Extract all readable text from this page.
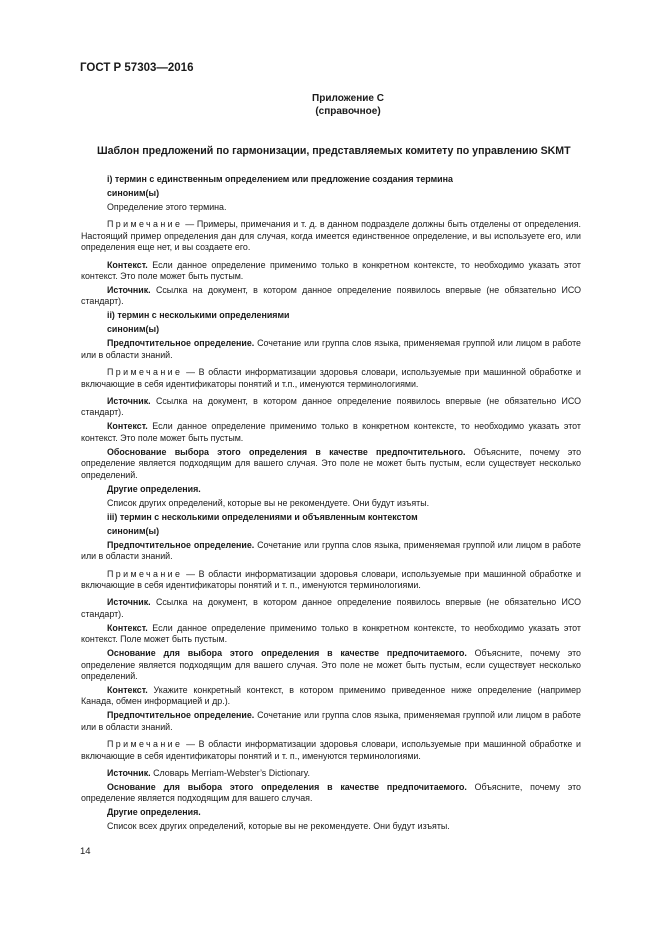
ГОСТ Р 57303—2016
Приложение С
(справочное)
Шаблон предложений по гармонизации, представляемых комитету по управлению SKMT
i) термин с единственным определением или предложение создания термина
синоним(ы)
Определение этого термина.
Примечание — Примеры, примечания и т. д. в данном подразделе должны быть отделены от определения. Настоящий пример определения дан для случая, когда имеется единственное определение, и вы используете его, или определения еще нет, и вы создаете его.
Контекст. Если данное определение применимо только в конкретном контексте, то необходимо указать этот контекст. Это поле может быть пустым.
Источник. Ссылка на документ, в котором данное определение появилось впервые (не обязательно ИСО стандарт).
ii) термин с несколькими определениями
синоним(ы)
Предпочтительное определение. Сочетание или группа слов языка, применяемая группой или лицом в работе или в области знаний.
Примечание — В области информатизации здоровья словари, используемые при машинной обработке и включающие в себя идентификаторы понятий и т.п., именуются терминологиями.
Источник. Ссылка на документ, в котором данное определение появилось впервые (не обязательно ИСО стандарт).
Контекст. Если данное определение применимо только в конкретном контексте, то необходимо указать этот контекст. Это поле может быть пустым.
Обоснование выбора этого определения в качестве предпочтительного. Объясните, почему это определение является подходящим для вашего случая. Это поле не может быть пустым, если существует несколько определений.
Другие определения.
Список других определений, которые вы не рекомендуете. Они будут изъяты.
iii) термин с несколькими определениями и объявленным контекстом
синоним(ы)
Предпочтительное определение. Сочетание или группа слов языка, применяемая группой или лицом в работе или в области знаний.
Примечание — В области информатизации здоровья словари, используемые при машинной обработке и включающие в себя идентификаторы понятий и т. п., именуются терминологиями.
Источник. Ссылка на документ, в котором данное определение появилось впервые (не обязательно ИСО стандарт).
Контекст. Если данное определение применимо только в конкретном контексте, то необходимо указать этот контекст. Поле может быть пустым.
Основание для выбора этого определения в качестве предпочитаемого. Объясните, почему это определение является подходящим для вашего случая. Это поле не может быть пустым, если существует несколько определений.
Контекст. Укажите конкретный контекст, в котором применимо приведенное ниже определение (например Канада, обмен информацией и др.).
Предпочтительное определение. Сочетание или группа слов языка, применяемая группой или лицом в работе или в области знаний.
Примечание — В области информатизации здоровья словари, используемые при машинной обработке и включающие в себя идентификаторы понятий и т. п., именуются терминологиями.
Источник. Словарь Merriam-Webster’s Dictionary.
Основание для выбора этого определения в качестве предпочитаемого. Объясните, почему это определение является подходящим для вашего случая.
Другие определения.
Список всех других определений, которые вы не рекомендуете. Они будут изъяты.
14
